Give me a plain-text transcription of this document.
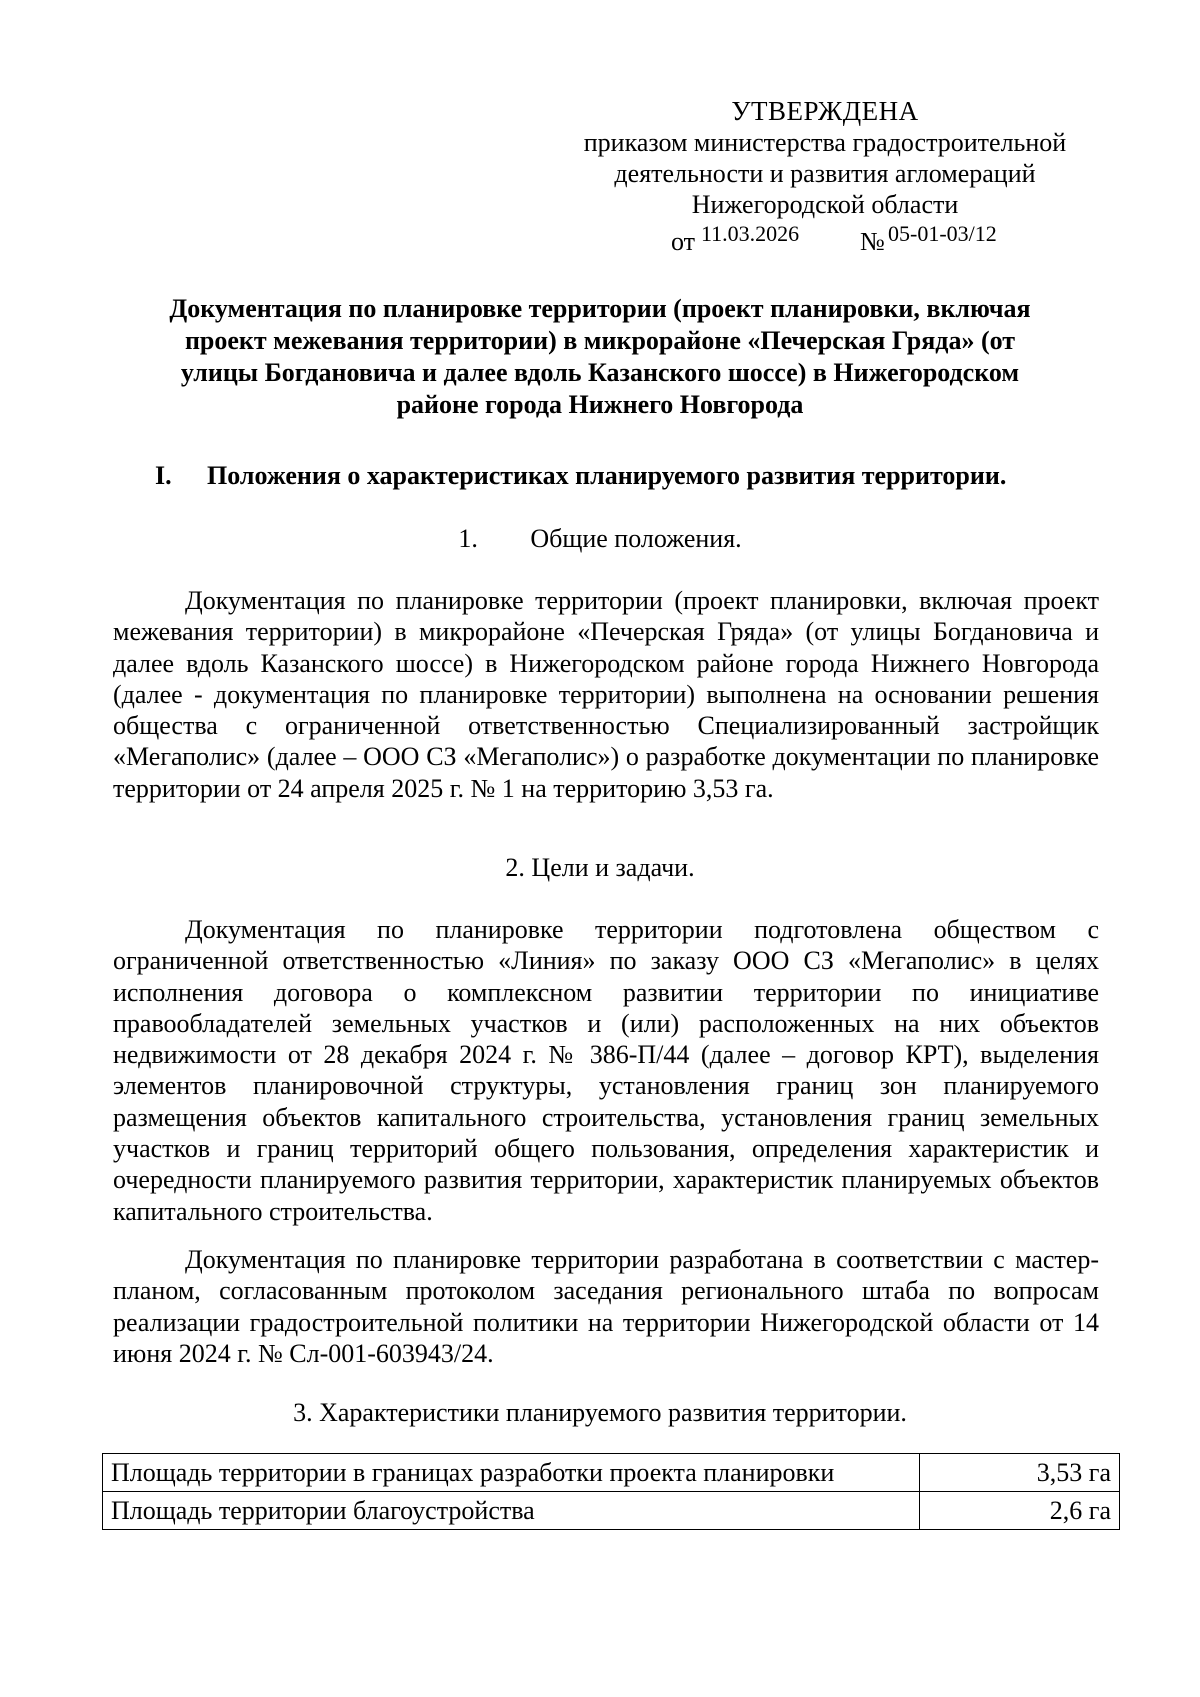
УТВЕРЖДЕНА
приказом министерства градостроительной
деятельности и развития агломераций
Нижегородской области
от 11.03.2026 № 05-01-03/12
Документация по планировке территории (проект планировки, включая
проект межевания территории) в микрорайоне «Печерская Гряда» (от
улицы Богдановича и далее вдоль Казанского шоссе) в Нижегородском
районе города Нижнего Новгорода
I. Положения о характеристиках планируемого развития территории.
1. Общие положения.

Документация по планировке территории (проект планировки, включая проект межевания территории) в микрорайоне «Печерская Гряда» (от улицы Богдановича и далее вдоль Казанского шоссе) в Нижегородском районе города Нижнего Новгорода (далее - документация по планировке территории) выполнена на основании решения общества с ограниченной ответственностью Специализированный застройщик «Мегаполис» (далее – ООО СЗ «Мегаполис») о разработке документации по планировке территории от 24 апреля 2025 г. № 1 на территорию 3,53 га.

2. Цели и задачи.

Документация по планировке территории подготовлена обществом с ограниченной ответственностью «Линия» по заказу ООО СЗ «Мегаполис» в целях исполнения договора о комплексном развитии территории по инициативе правообладателей земельных участков и (или) расположенных на них объектов недвижимости от 28 декабря 2024 г. № 386-П/44 (далее – договор КРТ), выделения элементов планировочной структуры, установления границ зон планируемого размещения объектов капитального строительства, установления границ земельных участков и границ территорий общего пользования, определения характеристик и очередности планируемого развития территории, характеристик планируемых объектов капитального строительства.

Документация по планировке территории разработана в соответствии с мастер-планом, согласованным протоколом заседания регионального штаба по вопросам реализации градостроительной политики на территории Нижегородской области от 14 июня 2024 г. № Сл-001-603943/24.

3. Характеристики планируемого развития территории.
Площадь территории в границах разработки проекта планировки	3,53 га
Площадь территории благоустройства	2,6 га
